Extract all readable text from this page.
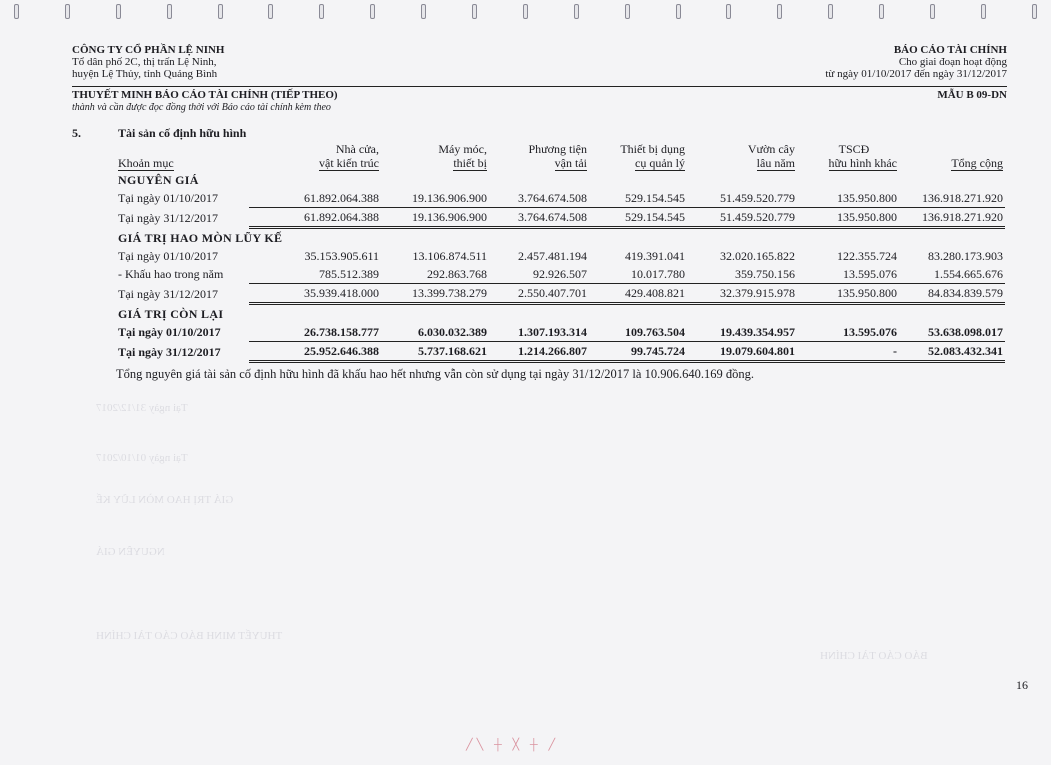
Tại ngày 31/12/2017
Tại ngày 01/10/2017
GIÁ TRỊ HAO MÒN LŨY KẾ
NGUYÊN GIÁ
THUYẾT MINH BÁO CÁO TÀI CHÍNH
BÁO CÁO TÀI CHÍNH
CÔNG TY CỔ PHẦN LỆ NINH
Tổ dân phố 2C, thị trấn Lệ Ninh,
huyện Lệ Thủy, tỉnh Quảng Bình
BÁO CÁO TÀI CHÍNH
Cho giai đoạn hoạt động
từ ngày 01/10/2017 đến ngày 31/12/2017
THUYẾT MINH BÁO CÁO TÀI CHÍNH (TIẾP THEO)
thành và cần được đọc đồng thời với Báo cáo tài chính kèm theo
MẪU B 09-DN
5.	Tài sản cố định hữu hình
	Nhà cửa,	Máy móc,	Phương tiện	Thiết bị dụng	Vườn cây	TSCĐ	
Khoản mục	vật kiến trúc	thiết bị	vận tải	cụ quản lý	lâu năm	hữu hình khác	Tổng cộng
NGUYÊN GIÁ							
Tại ngày 01/10/2017	61.892.064.388	19.136.906.900	3.764.674.508	529.154.545	51.459.520.779	135.950.800	136.918.271.920
Tại ngày 31/12/2017	61.892.064.388	19.136.906.900	3.764.674.508	529.154.545	51.459.520.779	135.950.800	136.918.271.920
GIÁ TRỊ HAO MÒN LŨY KẾ							
Tại ngày 01/10/2017	35.153.905.611	13.106.874.511	2.457.481.194	419.391.041	32.020.165.822	122.355.724	83.280.173.903
- Khấu hao trong năm	785.512.389	292.863.768	92.926.507	10.017.780	359.750.156	13.595.076	1.554.665.676
Tại ngày 31/12/2017	35.939.418.000	13.399.738.279	2.550.407.701	429.408.821	32.379.915.978	135.950.800	84.834.839.579
GIÁ TRỊ CÒN LẠI							
Tại ngày 01/10/2017	26.738.158.777	6.030.032.389	1.307.193.314	109.763.504	19.439.354.957	13.595.076	53.638.098.017
Tại ngày 31/12/2017	25.952.646.388	5.737.168.621	1.214.266.807	99.745.724	19.079.604.801	-	52.083.432.341
Tổng nguyên giá tài sản cố định hữu hình đã khấu hao hết nhưng vẫn còn sử dụng tại ngày 31/12/2017 là 10.906.640.169 đồng.
16
╱╲ ┼ ╳ ┼ ╱
